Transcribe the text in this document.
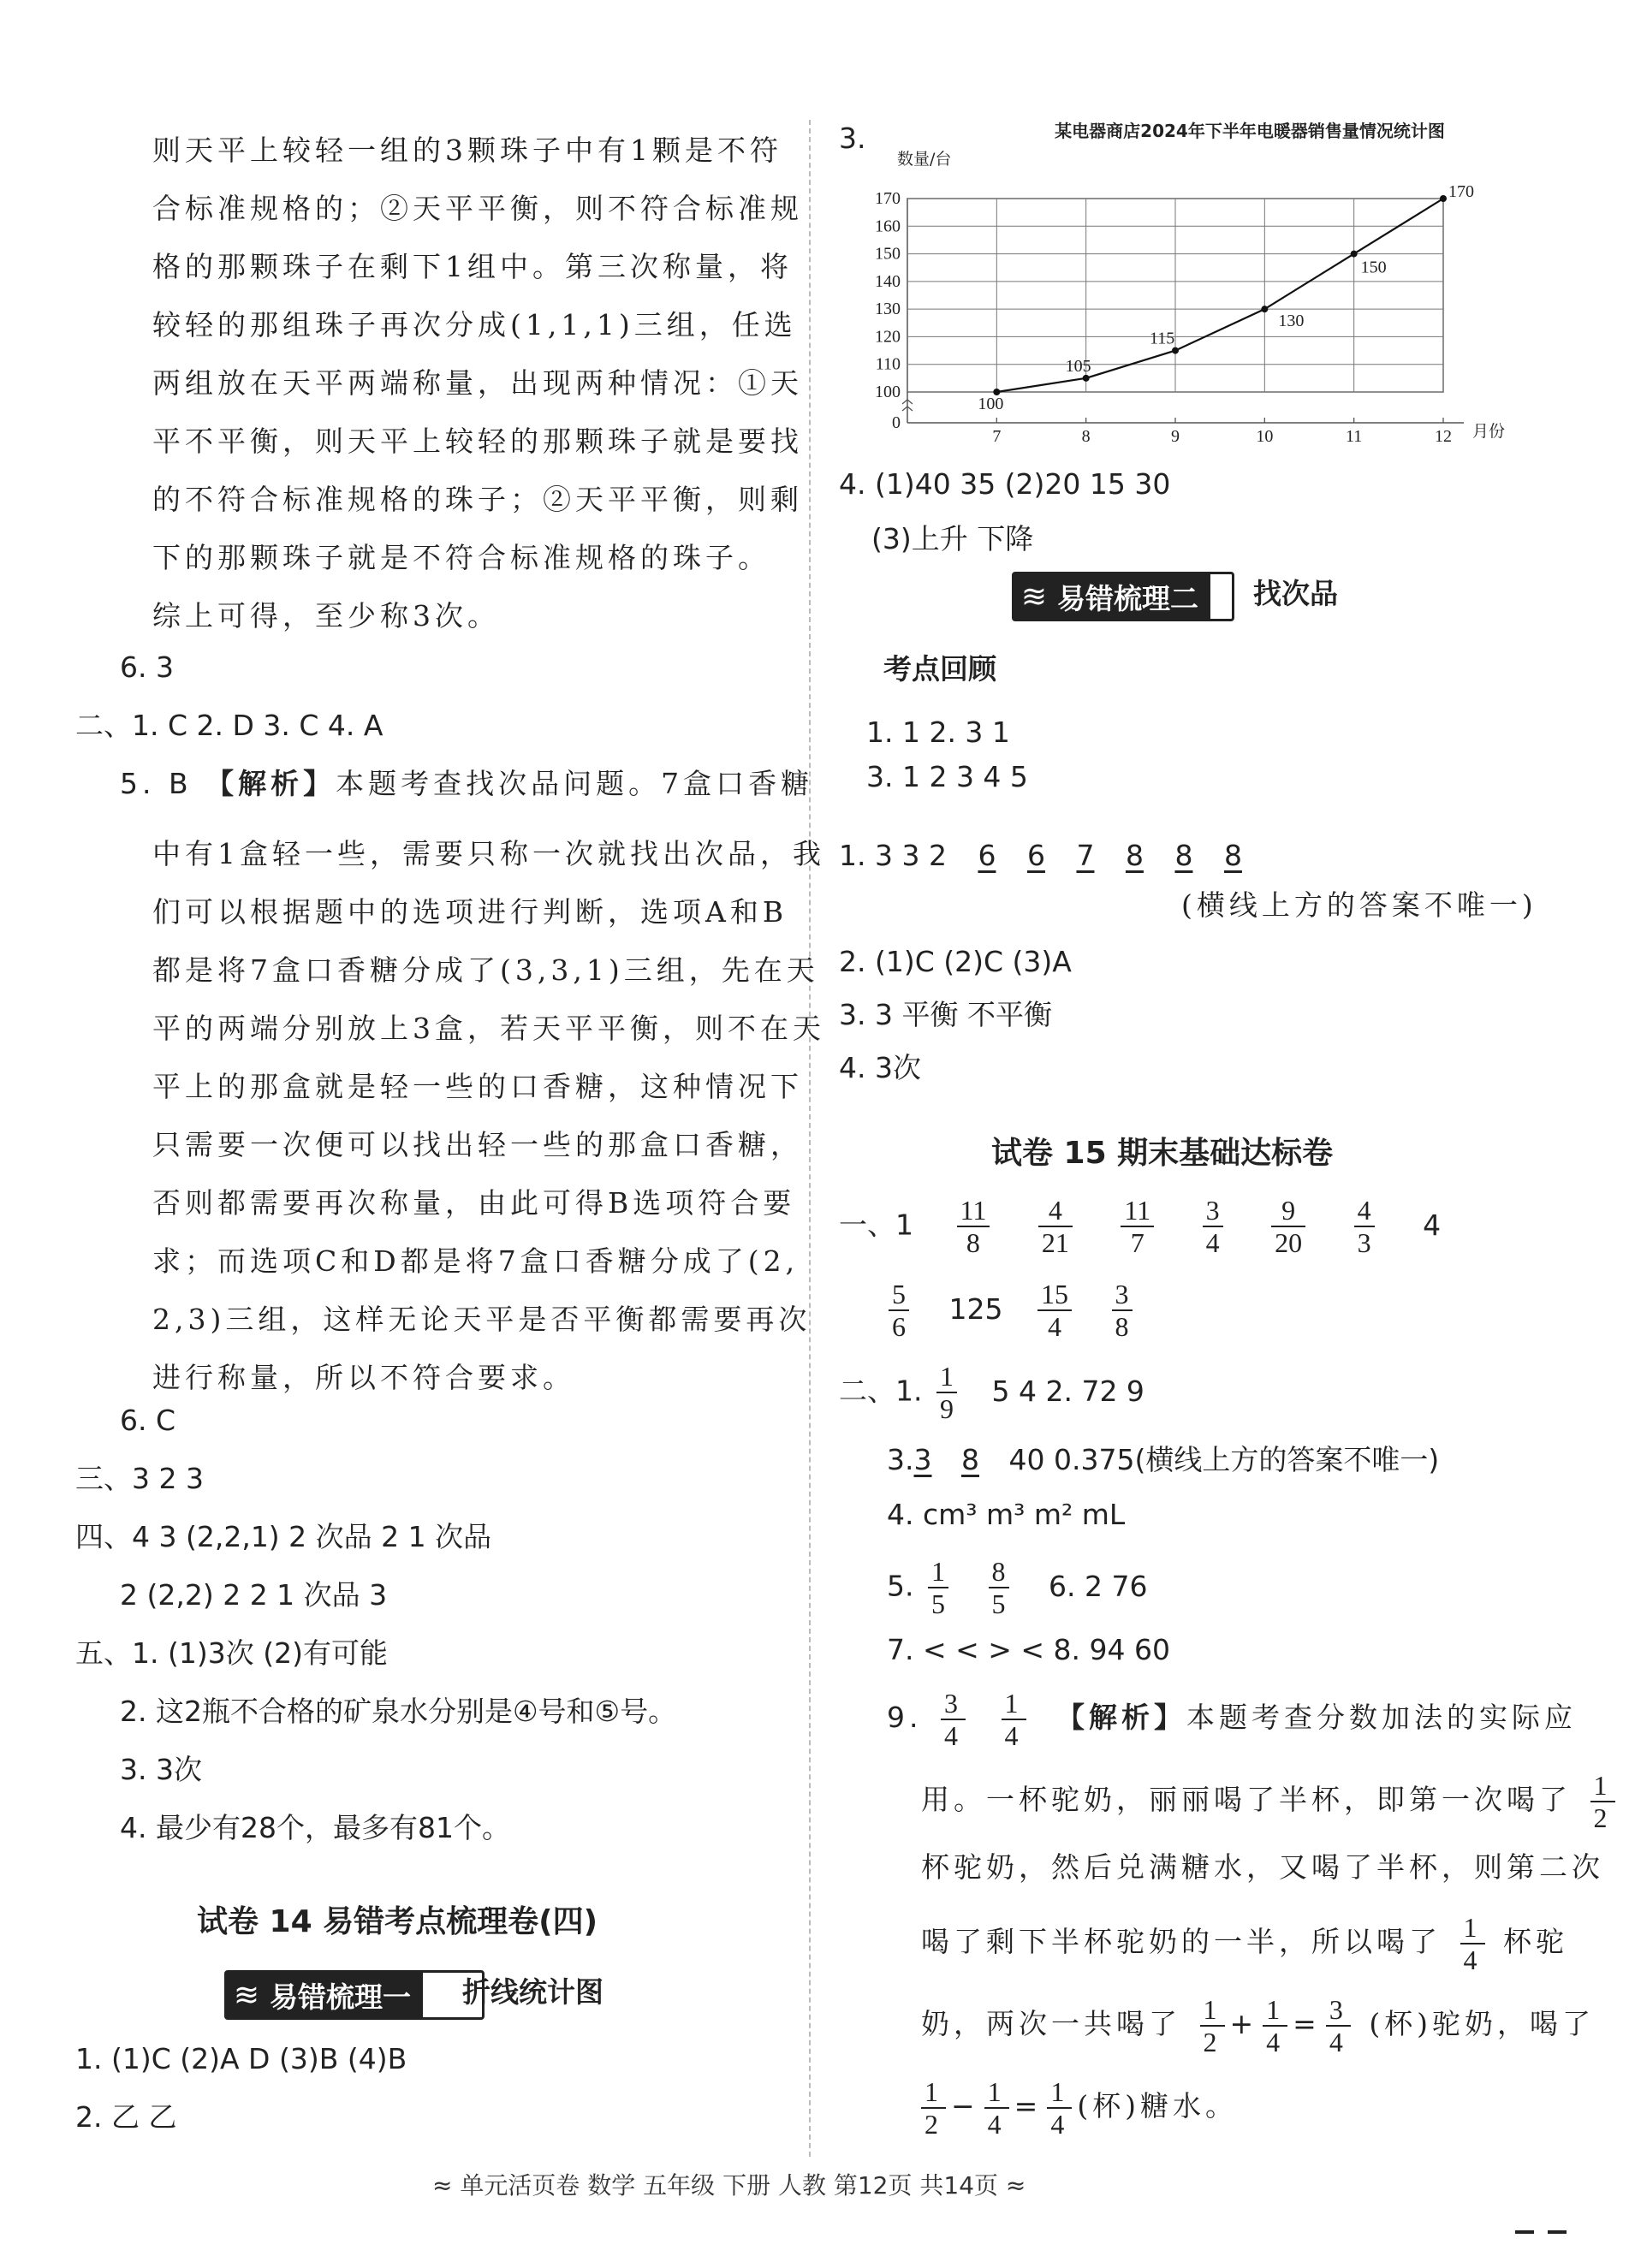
则天平上较轻一组的3颗珠子中有1颗是不符
合标准规格的；②天平平衡，则不符合标准规
格的那颗珠子在剩下1组中。第三次称量，将
较轻的那组珠子再次分成(1,1,1)三组，任选
两组放在天平两端称量，出现两种情况：①天
平不平衡，则天平上较轻的那颗珠子就是要找
的不符合标准规格的珠子；②天平平衡，则剩
下的那颗珠子就是不符合标准规格的珠子。
综上可得，至少称3次。
6. 3
二、1. C 2. D 3. C 4. A
5. B 【解析】本题考查找次品问题。7盒口香糖
中有1盒轻一些，需要只称一次就找出次品，我
们可以根据题中的选项进行判断，选项A和B
都是将7盒口香糖分成了(3,3,1)三组，先在天
平的两端分别放上3盒，若天平平衡，则不在天
平上的那盒就是轻一些的口香糖，这种情况下
只需要一次便可以找出轻一些的那盒口香糖，
否则都需要再次称量，由此可得B选项符合要
求；而选项C和D都是将7盒口香糖分成了(2,
2,3)三组，这样无论天平是否平衡都需要再次
进行称量，所以不符合要求。
6. C
三、3 2 3
四、4 3 (2,2,1) 2 次品 2 1 次品
2 (2,2) 2 2 1 次品 3
五、1. (1)3次 (2)有可能
2. 这2瓶不合格的矿泉水分别是④号和⑤号。
3. 3次
4. 最少有28个，最多有81个。
试卷 14 易错考点梳理卷(四)
≋ 易错梳理一	折线统计图
1. (1)C (2)A D (3)B (4)B
2. 乙 乙
3.	某电器商店2024年下半年电暖器销售量情况统计图
数量/台
月份
100
110
120
130
140
150
160
170
0
7	8	9	10	11	12
100
105
115
130
150
170
4. (1)40 35 (2)20 15 30
(3)上升 下降
≋ 易错梳理二	找次品
考点回顾
1. 1 2. 3 1
3. 1 2 3 4 5
1. 3 3 2 6 6 7 8 8 8
(横线上方的答案不唯一)
2. (1)C (2)C (3)A
3. 3 平衡 不平衡
4. 3次
试卷 15 期末基础达标卷
一、$1 \frac{11}{8}$
$\frac{4}{21}$
$\frac{11}{7}$
$\frac{3}{4}$
$\frac{9}{20}$
$\frac{4}{3} 4$
$\frac{5}{6} 125 \frac{15}{4}$
$\frac{3}{8}$
二、1. $\frac{1}{9} 5$ 4 2. 72 9
3.3 8 40 0.375(横线上方的答案不唯一)
4. cm³ m³ m² mL
5. $\frac{1}{5}$
$\frac{8}{5} 6$. 2 76
7. < < > < 8. 94 60
9. $\frac{3}{4}$
$\frac{1}{4}$ 【解析】本题考查分数加法的实际应
用。一杯驼奶，丽丽喝了半杯，即第一次喝了 $\frac{1}{2}$
杯驼奶，然后兑满糖水，又喝了半杯，则第二次
喝了剩下半杯驼奶的一半，所以喝了 $\frac{1}{4}$ 杯驼
奶，两次一共喝了 $\frac{1}{2} + \frac{1}{4} = \frac{3}{4}$ (杯)驼奶，喝了
$\frac{1}{2} - \frac{1}{4} = \frac{1}{4}$ (杯)糖水。
≈ 单元活页卷 数学 五年级 下册 人教 第12页 共14页 ≈
